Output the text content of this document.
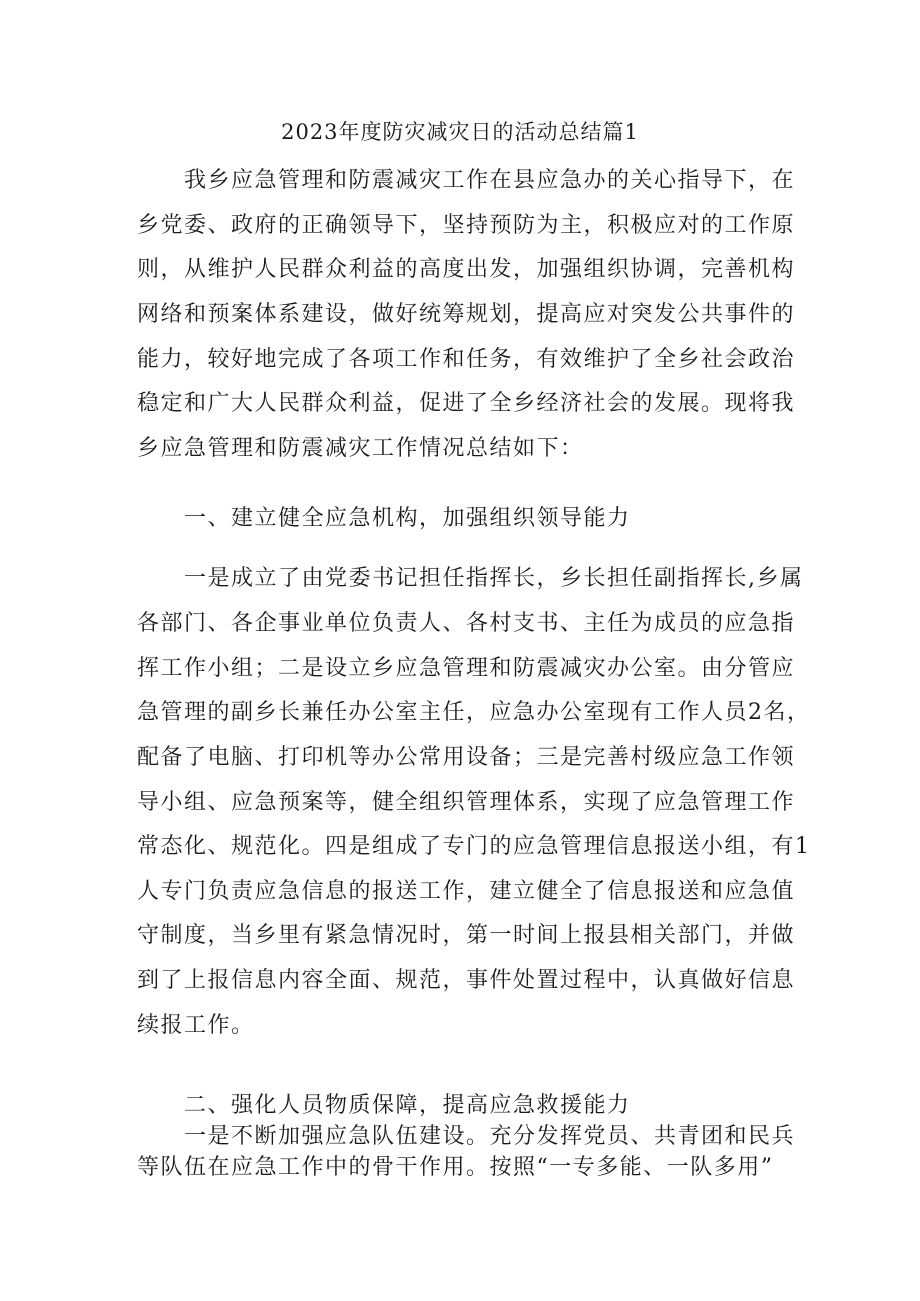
2023年度防灾减灾日的活动总结篇1
我乡应急管理和防震减灾工作在县应急办的关心指导下，在
乡党委、政府的正确领导下，坚持预防为主，积极应对的工作原
则，从维护人民群众利益的高度出发，加强组织协调，完善机构
网络和预案体系建设，做好统筹规划，提高应对突发公共事件的
能力，较好地完成了各项工作和任务，有效维护了全乡社会政治
稳定和广大人民群众利益，促进了全乡经济社会的发展。现将我
乡应急管理和防震减灾工作情况总结如下：
一、建立健全应急机构，加强组织领导能力
一是成立了由党委书记担任指挥长，乡长担任副指挥长,乡属
各部门、各企事业单位负责人、各村支书、主任为成员的应急指
挥工作小组；二是设立乡应急管理和防震减灾办公室。由分管应
急管理的副乡长兼任办公室主任，应急办公室现有工作人员2名，
配备了电脑、打印机等办公常用设备；三是完善村级应急工作领
导小组、应急预案等，健全组织管理体系，实现了应急管理工作
常态化、规范化。四是组成了专门的应急管理信息报送小组，有1
人专门负责应急信息的报送工作，建立健全了信息报送和应急值
守制度，当乡里有紧急情况时，第一时间上报县相关部门，并做
到了上报信息内容全面、规范，事件处置过程中，认真做好信息
续报工作。
二、强化人员物质保障，提高应急救援能力
一是不断加强应急队伍建设。充分发挥党员、共青团和民兵
等队伍在应急工作中的骨干作用。按照“一专多能、一队多用”
